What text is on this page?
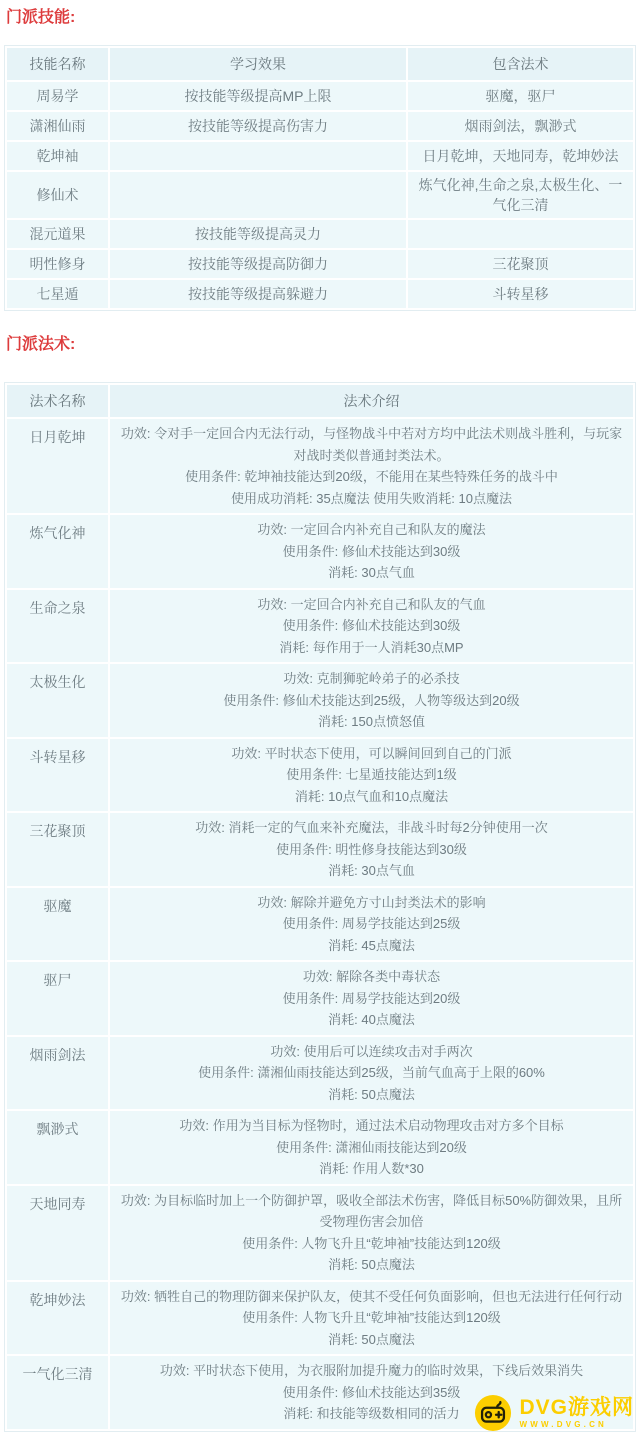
门派技能:
技能名称	学习效果	包含法术
周易学	按技能等级提高MP上限	驱魔，驱尸
潇湘仙雨	按技能等级提高伤害力	烟雨剑法，飘渺式
乾坤袖		日月乾坤，天地同寿，乾坤妙法
修仙术		炼气化神,生命之泉,太极生化、一气化三清
混元道果	按技能等级提高灵力	
明性修身	按技能等级提高防御力	三花聚顶
七星遁	按技能等级提高躲避力	斗转星移
门派法术:
法术名称	法术介绍
日月乾坤	功效: 令对手一定回合内无法行动，与怪物战斗中若对方均中此法术则战斗胜利，与玩家对战时类似普通封类法术。
使用条件: 乾坤袖技能达到20级，不能用在某些特殊任务的战斗中
使用成功消耗: 35点魔法 使用失败消耗: 10点魔法

炼气化神	功效: 一定回合内补充自己和队友的魔法
使用条件: 修仙术技能达到30级
消耗: 30点气血

生命之泉	功效: 一定回合内补充自己和队友的气血
使用条件: 修仙术技能达到30级
消耗: 每作用于一人消耗30点MP

太极生化	功效: 克制狮驼岭弟子的必杀技
使用条件: 修仙术技能达到25级，人物等级达到20级
消耗: 150点愤怒值

斗转星移	功效: 平时状态下使用，可以瞬间回到自己的门派
使用条件: 七星遁技能达到1级
消耗: 10点气血和10点魔法

三花聚顶	功效: 消耗一定的气血来补充魔法，非战斗时每2分钟使用一次
使用条件: 明性修身技能达到30级
消耗: 30点气血

驱魔	功效: 解除并避免方寸山封类法术的影响
使用条件: 周易学技能达到25级
消耗: 45点魔法

驱尸	功效: 解除各类中毒状态
使用条件: 周易学技能达到20级
消耗: 40点魔法

烟雨剑法	功效: 使用后可以连续攻击对手两次
使用条件: 潇湘仙雨技能达到25级，当前气血高于上限的60%
消耗: 50点魔法

飘渺式	功效: 作用为当目标为怪物时，通过法术启动物理攻击对方多个目标
使用条件: 潇湘仙雨技能达到20级
消耗: 作用人数*30

天地同寿	功效: 为目标临时加上一个防御护罩，吸收全部法术伤害，降低目标50%防御效果，且所受物理伤害会加倍
使用条件: 人物飞升且“乾坤袖”技能达到120级
消耗: 50点魔法

乾坤妙法	功效: 牺牲自己的物理防御来保护队友，使其不受任何负面影响，但也无法进行任何行动
使用条件: 人物飞升且“乾坤袖”技能达到120级
消耗: 50点魔法

一气化三清	功效: 平时状态下使用，为衣服附加提升魔力的临时效果，下线后效果消失
使用条件: 修仙术技能达到35级
消耗: 和技能等级数相同的活力	DVG游戏网
WWW.DVG.CN
